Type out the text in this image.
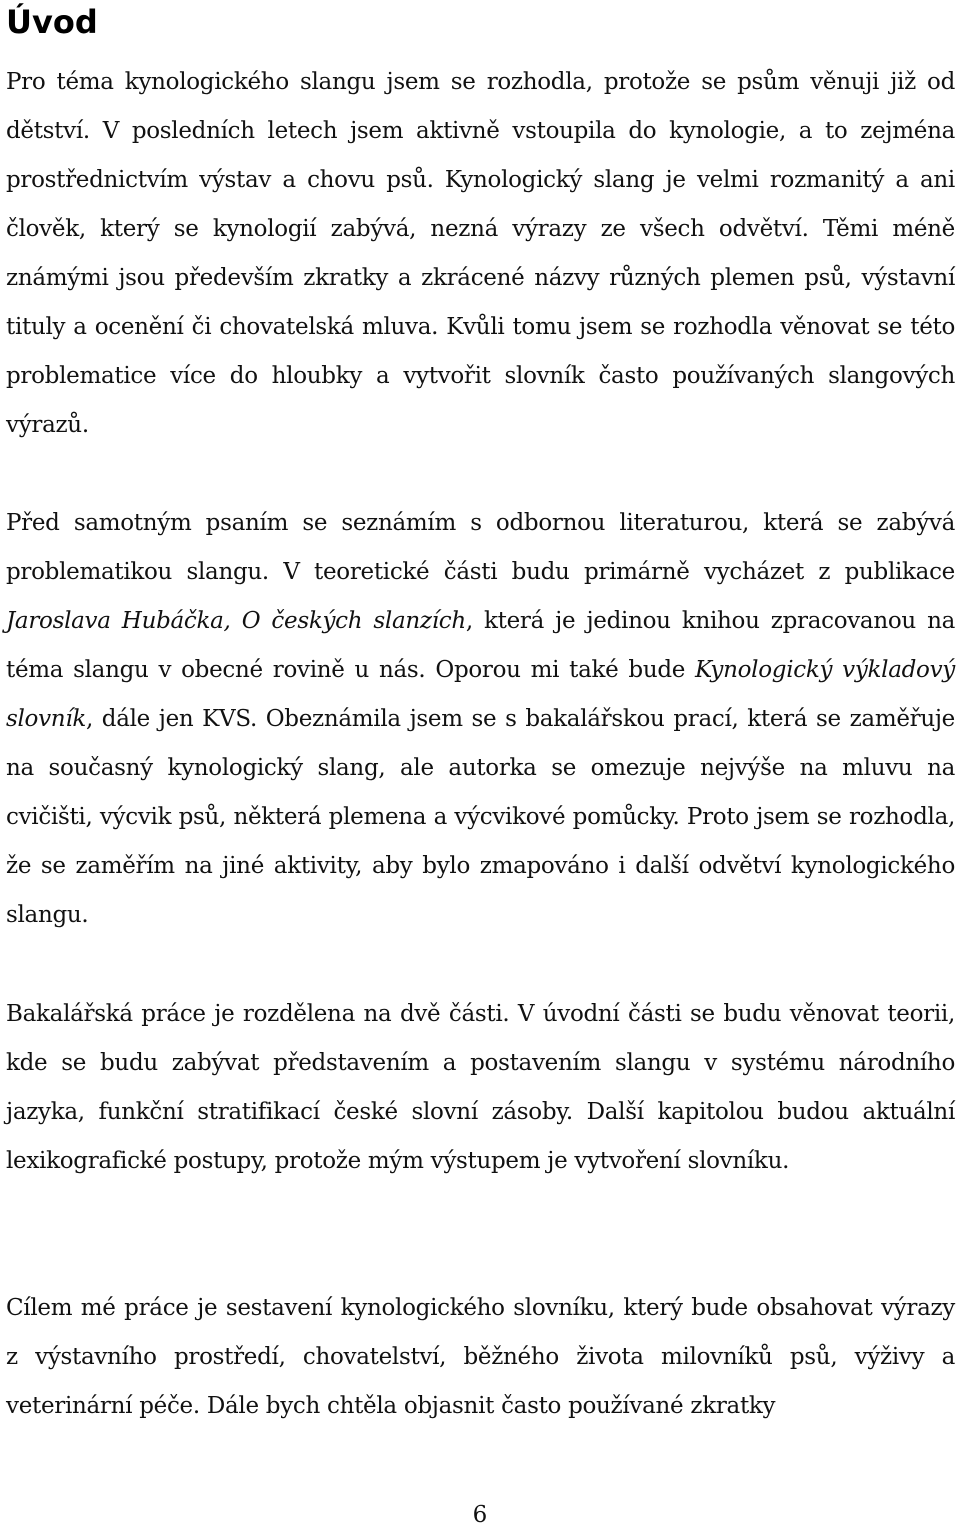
Úvod

Pro téma kynologického slangu jsem se rozhodla, protože se psům věnuji již od dětství. V posledních letech jsem aktivně vstoupila do kynologie, a to zejména prostřednictvím výstav a chovu psů. Kynologický slang je velmi rozmanitý a ani člověk, který se kynologií zabývá, nezná výrazy ze všech odvětví. Těmi méně známými jsou především zkratky a zkrácené názvy různých plemen psů, výstavní tituly a ocenění či chovatelská mluva. Kvůli tomu jsem se rozhodla věnovat se této problematice více do hloubky a vytvořit slovník často používaných slangových výrazů.

Před samotným psaním se seznámím s odbornou literaturou, která se zabývá problematikou slangu. V teoretické části budu primárně vycházet z publikace Jaroslava Hubáčka, O českých slanzích, která je jedinou knihou zpracovanou na téma slangu v obecné rovině u nás. Oporou mi také bude Kynologický výkladový slovník, dále jen KVS. Obeznámila jsem se s bakalářskou prací, která se zaměřuje na současný kynologický slang, ale autorka se omezuje nejvýše na mluvu na cvičišti, výcvik psů, některá plemena a výcvikové pomůcky. Proto jsem se rozhodla, že se zaměřím na jiné aktivity, aby bylo zmapováno i další odvětví kynologického slangu.

Bakalářská práce je rozdělena na dvě části. V úvodní části se budu věnovat teorii, kde se budu zabývat představením a postavením slangu v systému národního jazyka, funkční stratifikací české slovní zásoby. Další kapitolou budou aktuální lexikografické postupy, protože mým výstupem je vytvoření slovníku.

Cílem mé práce je sestavení kynologického slovníku, který bude obsahovat výrazy z výstavního prostředí, chovatelství, běžného života milovníků psů, výživy a veterinární péče. Dále bych chtěla objasnit často používané zkratky

6
